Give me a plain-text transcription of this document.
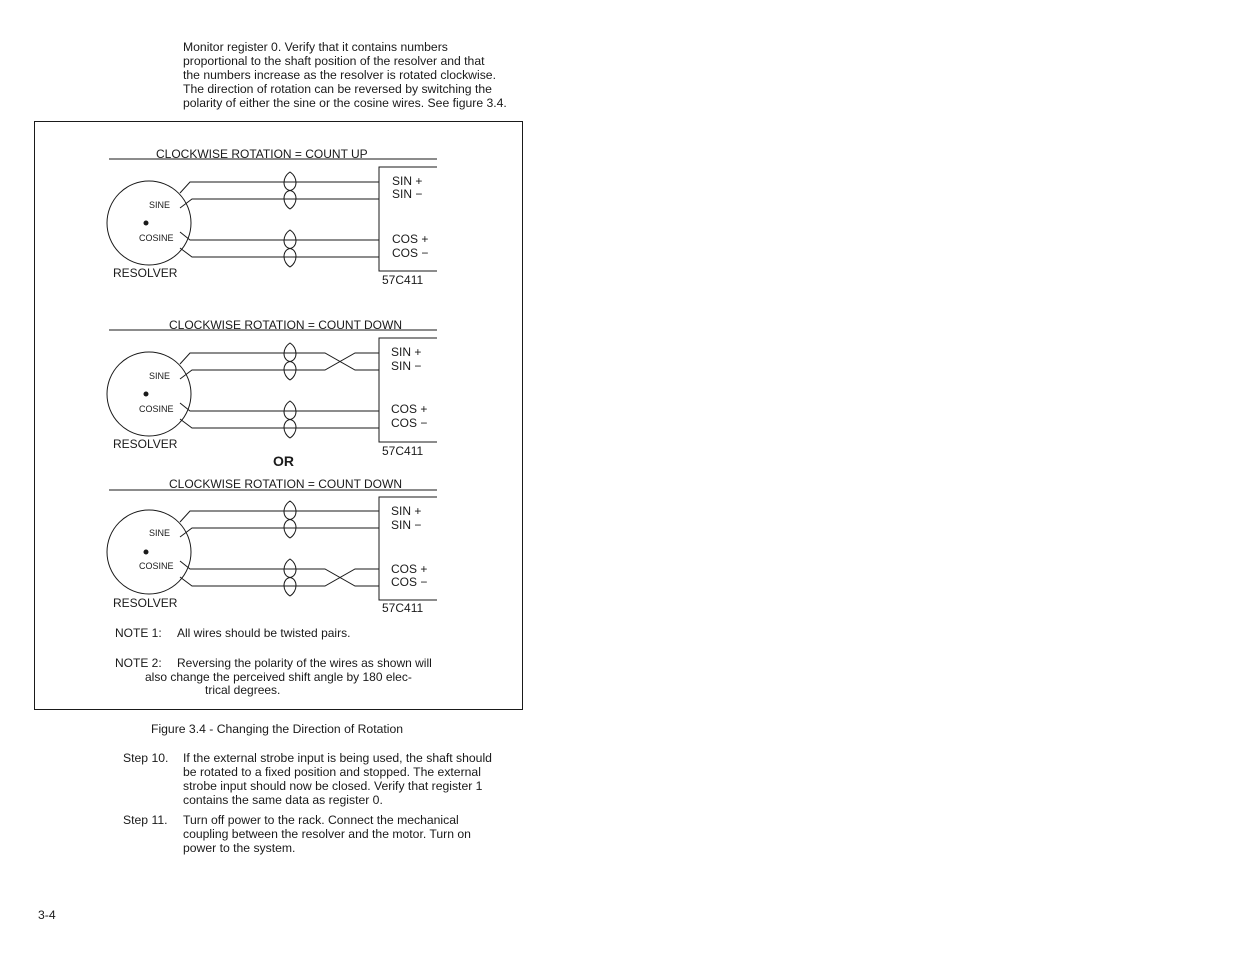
Monitor register 0. Verify that it contains numbers
proportional to the shaft position of the resolver and that
the numbers increase as the resolver is rotated clockwise.
The direction of rotation can be reversed by switching the
polarity of either the sine or the cosine wires. See figure 3.4.
CLOCKWISE ROTATION = COUNT UP
SINE
COSINE
RESOLVER
SIN +
SIN −
COS +
COS −
57C411
CLOCKWISE ROTATION = COUNT DOWN
SINE
COSINE
RESOLVER
SIN +
SIN −
COS +
COS −
57C411
OR
CLOCKWISE ROTATION = COUNT DOWN
SINE
COSINE
RESOLVER
SIN +
SIN −
COS +
COS −
57C411
NOTE 1: All wires should be twisted pairs.
NOTE 2: Reversing the polarity of the wires as shown will
also change the perceived shift angle by 180 elec-
trical degrees.
Figure 3.4 - Changing the Direction of Rotation
Step 10. If the external strobe input is being used, the shaft should
be rotated to a fixed position and stopped. The external
strobe input should now be closed. Verify that register 1
contains the same data as register 0.
Step 11. Turn off power to the rack. Connect the mechanical
coupling between the resolver and the motor. Turn on
power to the system.
3-4
